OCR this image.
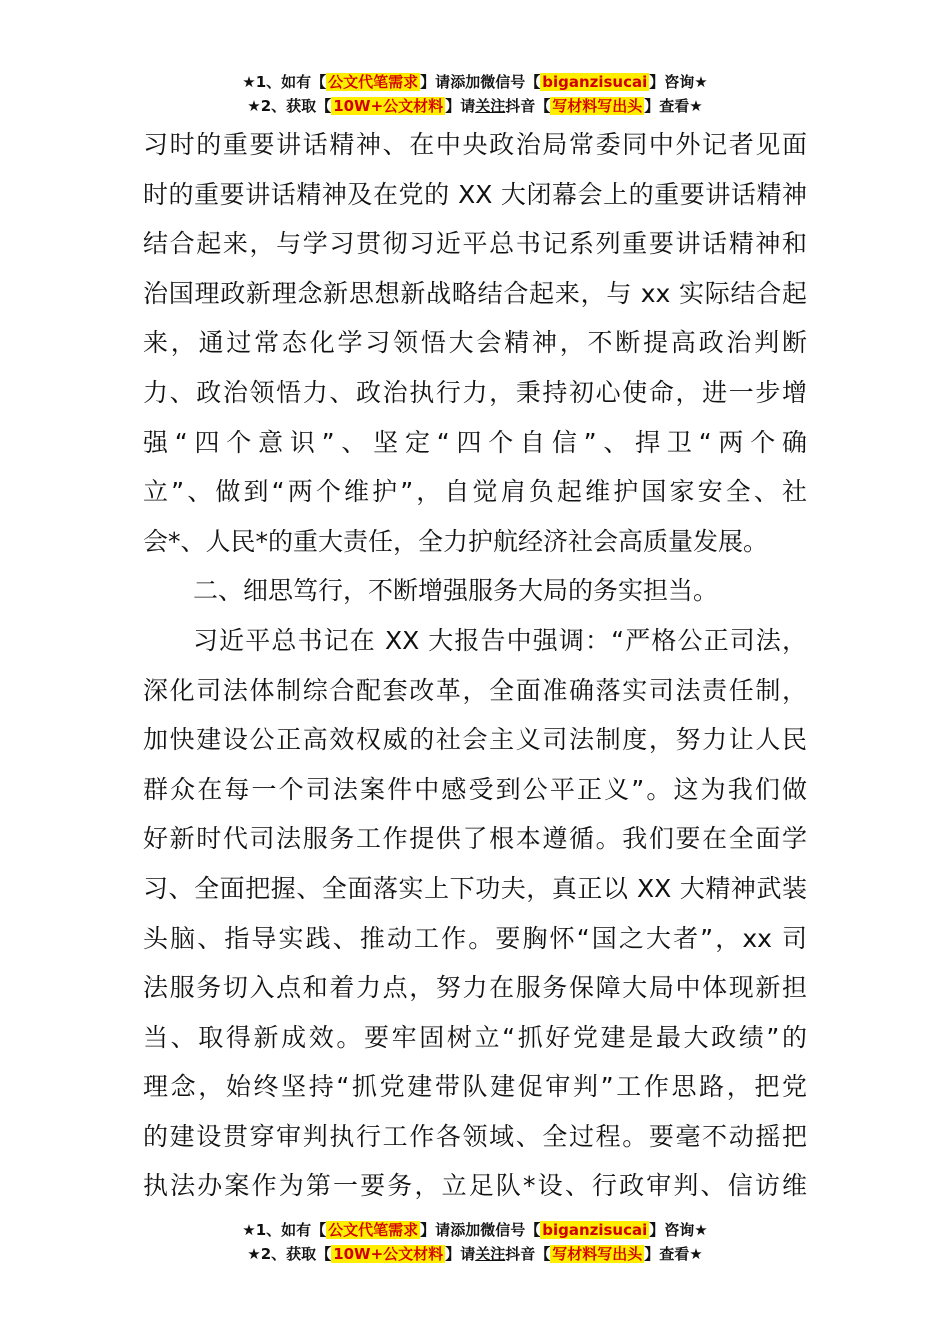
★1、如有【 公文代笔需求 】请添加微信号【 biganzisucai 】咨询★
★2、获取【 10W+公文材料 】请关注抖音【 写材料写出头 】查看★
习时的重要讲话精神、在中央政治局常委同中外记者见面
时的重要讲话精神及在党的 XX 大闭幕会上的重要讲话精神
结合起来，与学习贯彻习近平总书记系列重要讲话精神和
治国理政新理念新思想新战略结合起来，与 xx 实际结合起
来，通过常态化学习领悟大会精神，不断提高政治判断
力、政治领悟力、政治执行力，秉持初心使命，进一步增
强“四个意识”、坚定“四个自信”、捍卫“两个确
立”、做到“两个维护”，自觉肩负起维护国家安全、社
会*、人民*的重大责任，全力护航经济社会高质量发展。
二、细思笃行，不断增强服务大局的务实担当。
习近平总书记在 XX 大报告中强调：“严格公正司法，
深化司法体制综合配套改革，全面准确落实司法责任制，
加快建设公正高效权威的社会主义司法制度，努力让人民
群众在每一个司法案件中感受到公平正义”。这为我们做
好新时代司法服务工作提供了根本遵循。我们要在全面学
习、全面把握、全面落实上下功夫，真正以 XX 大精神武装
头脑、指导实践、推动工作。要胸怀“国之大者”，xx 司
法服务切入点和着力点，努力在服务保障大局中体现新担
当、取得新成效。要牢固树立“抓好党建是最大政绩”的
理念，始终坚持“抓党建带队建促审判”工作思路，把党
的建设贯穿审判执行工作各领域、全过程。要毫不动摇把
执法办案作为第一要务，立足队*设、行政审判、信访维
★1、如有【 公文代笔需求 】请添加微信号【 biganzisucai 】咨询★
★2、获取【 10W+公文材料 】请关注抖音【 写材料写出头 】查看★
